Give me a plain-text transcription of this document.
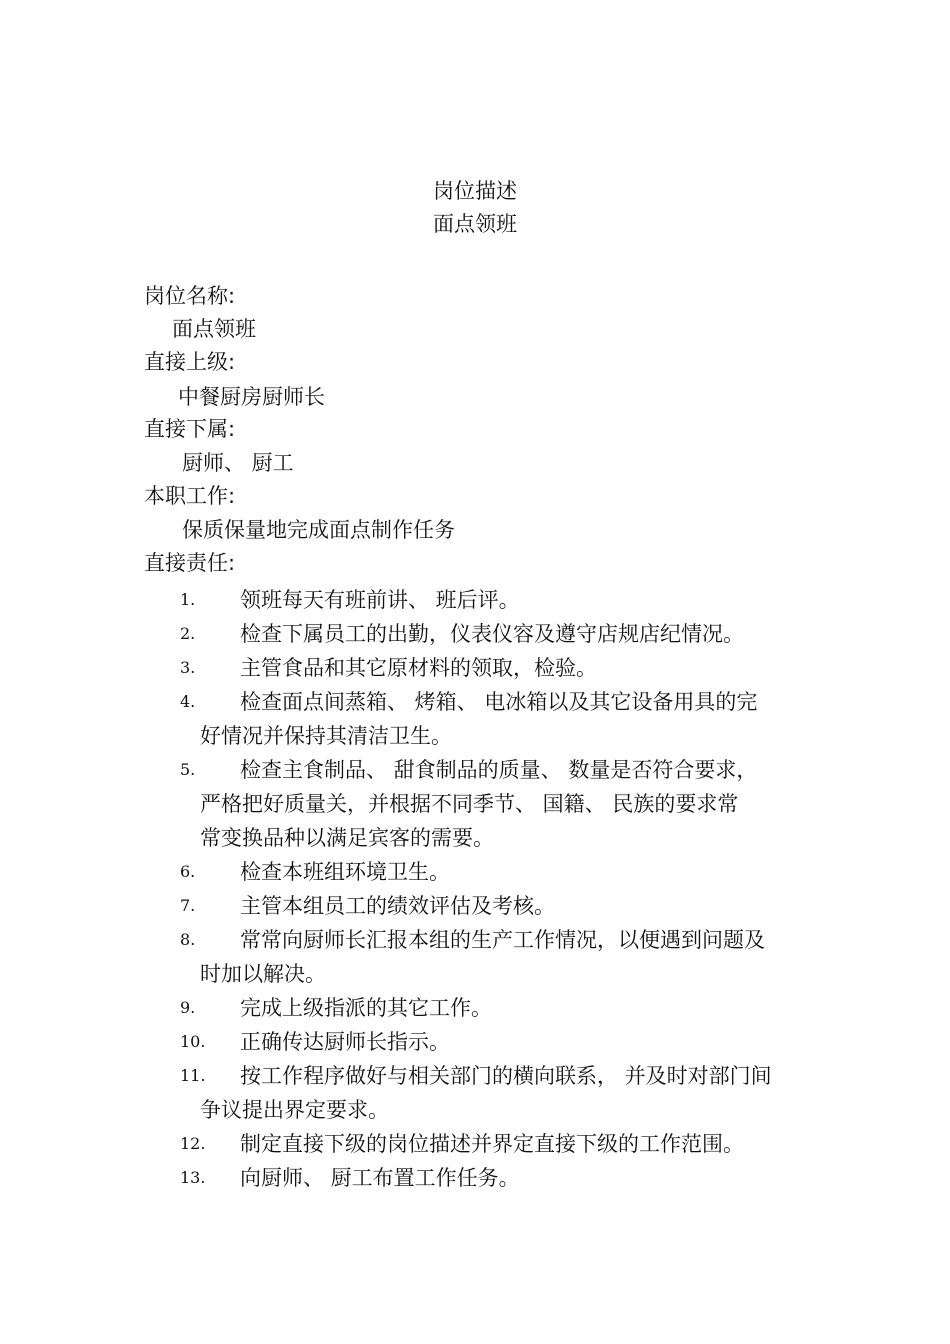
岗位描述
面点领班
岗位名称:
面点领班
直接上级:
中餐厨房厨师长
直接下属:
厨师、 厨工
本职工作:
保质保量地完成面点制作任务
直接责任:
1.	领班每天有班前讲、 班后评。
2.	检查下属员工的出勤，仪表仪容及遵守店规店纪情况。
3.	主管食品和其它原材料的领取，检验。
4.	检查面点间蒸箱、 烤箱、 电冰箱以及其它设备用具的完
好情况并保持其清洁卫生。
5.	检查主食制品、 甜食制品的质量、 数量是否符合要求，
严格把好质量关，并根据不同季节、 国籍、 民族的要求常
常变换品种以满足宾客的需要。
6.	检查本班组环境卫生。
7.	主管本组员工的绩效评估及考核。
8.	常常向厨师长汇报本组的生产工作情况，以便遇到问题及
时加以解决。
9.	完成上级指派的其它工作。
10.	正确传达厨师长指示。
11.	按工作程序做好与相关部门的横向联系， 并及时对部门间
争议提出界定要求。
12.	制定直接下级的岗位描述并界定直接下级的工作范围。
13.	向厨师、 厨工布置工作任务。
